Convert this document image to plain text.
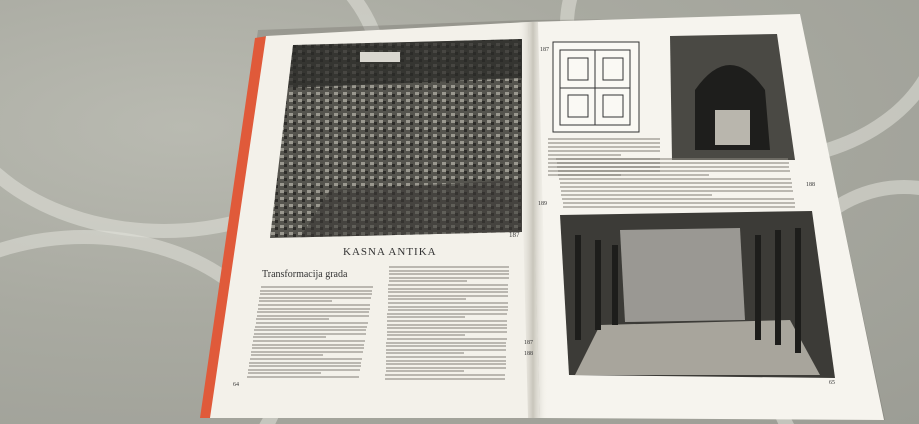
187
KASNA ANTIKA
Transformacija grada
64
187
188
189
187
188
65
